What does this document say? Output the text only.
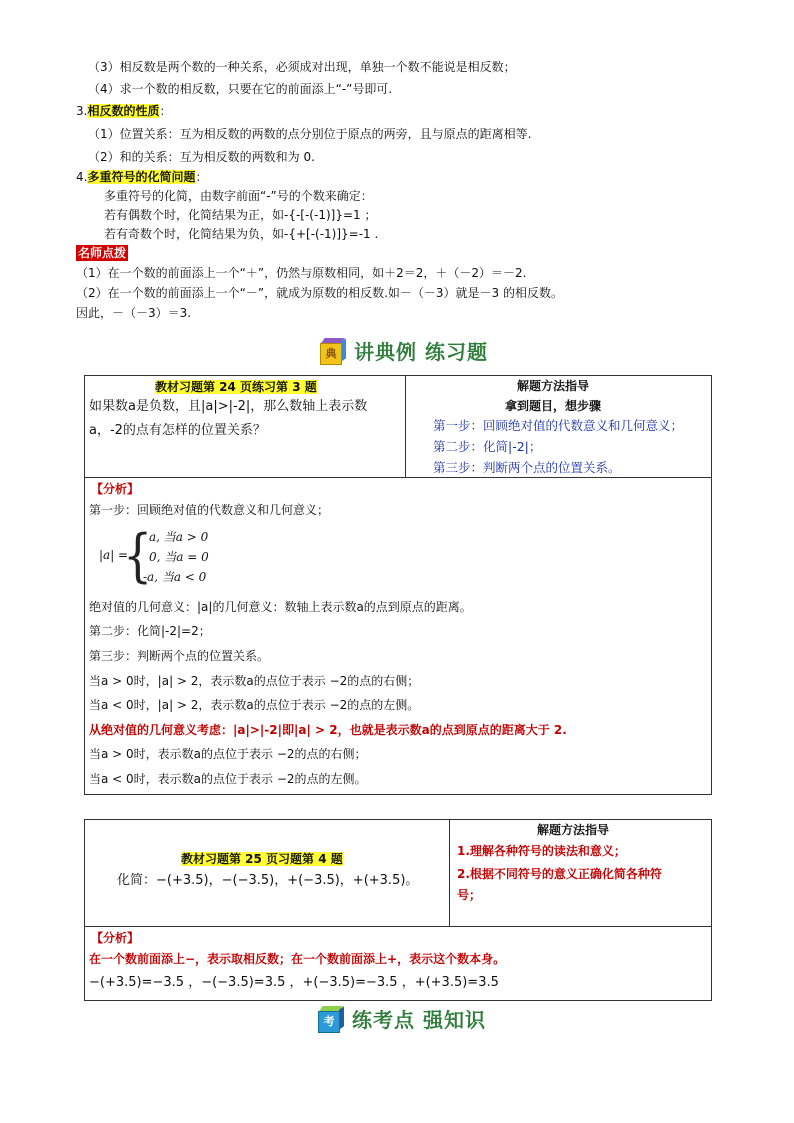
（3）相反数是两个数的一种关系，必须成对出现，单独一个数不能说是相反数；
（4）求一个数的相反数，只要在它的前面添上“-”号即可.
3.相反数的性质：
（1）位置关系：互为相反数的两数的点分别位于原点的两旁，且与原点的距离相等.
（2）和的关系：互为相反数的两数和为 0.
4.多重符号的化简问题：
多重符号的化简，由数字前面“-”号的个数来确定：
若有偶数个时，化简结果为正，如-{-[-(-1)]}=1 ；
若有奇数个时，化简结果为负，如-{+[-(-1)]}=-1 .
名师点拨
（1）在一个数的前面添上一个“＋”，仍然与原数相同，如＋2＝2，＋（－2）＝－2.
（2）在一个数的前面添上一个“－”，就成为原数的相反数.如－（－3）就是－3 的相反数。
因此，－（－3）＝3.
典 讲典例 练习题
教材习题第 24 页练习第 3 题
如果数a是负数，且|a|>|-2|，那么数轴上表示数
a，-2的点有怎样的位置关系？
解题方法指导
拿到题目，想步骤
第一步：回顾绝对值的代数意义和几何意义；
第二步：化简|-2|；
第三步：判断两个点的位置关系。
【分析】
第一步：回顾绝对值的代数意义和几何意义；
|a| =
{
a, 当a > 0
0, 当a = 0
-a, 当a < 0
绝对值的几何意义：|a|的几何意义：数轴上表示数a的点到原点的距离。
第二步：化简|-2|=2；
第三步：判断两个点的位置关系。
当a > 0时，|a| > 2，表示数a的点位于表示 −2的点的右侧；
当a < 0时，|a| > 2，表示数a的点位于表示 −2的点的左侧。
从绝对值的几何意义考虑：|a|>|-2|即|a| > 2，也就是表示数a的点到原点的距离大于 2.
当a > 0时，表示数a的点位于表示 −2的点的右侧；
当a < 0时，表示数a的点位于表示 −2的点的左侧。
教材习题第 25 页习题第 4 题
化简：−(+3.5)，−(−3.5)，+(−3.5)，+(+3.5)。
解题方法指导
1.理解各种符号的读法和意义；
2.根据不同符号的意义正确化简各种符
号；
【分析】
在一个数前面添上−，表示取相反数；在一个数前面添上+，表示这个数本身。
−(+3.5)=−3.5 ，−(−3.5)=3.5 ，+(−3.5)=−3.5 ，+(+3.5)=3.5
考 练考点 强知识
